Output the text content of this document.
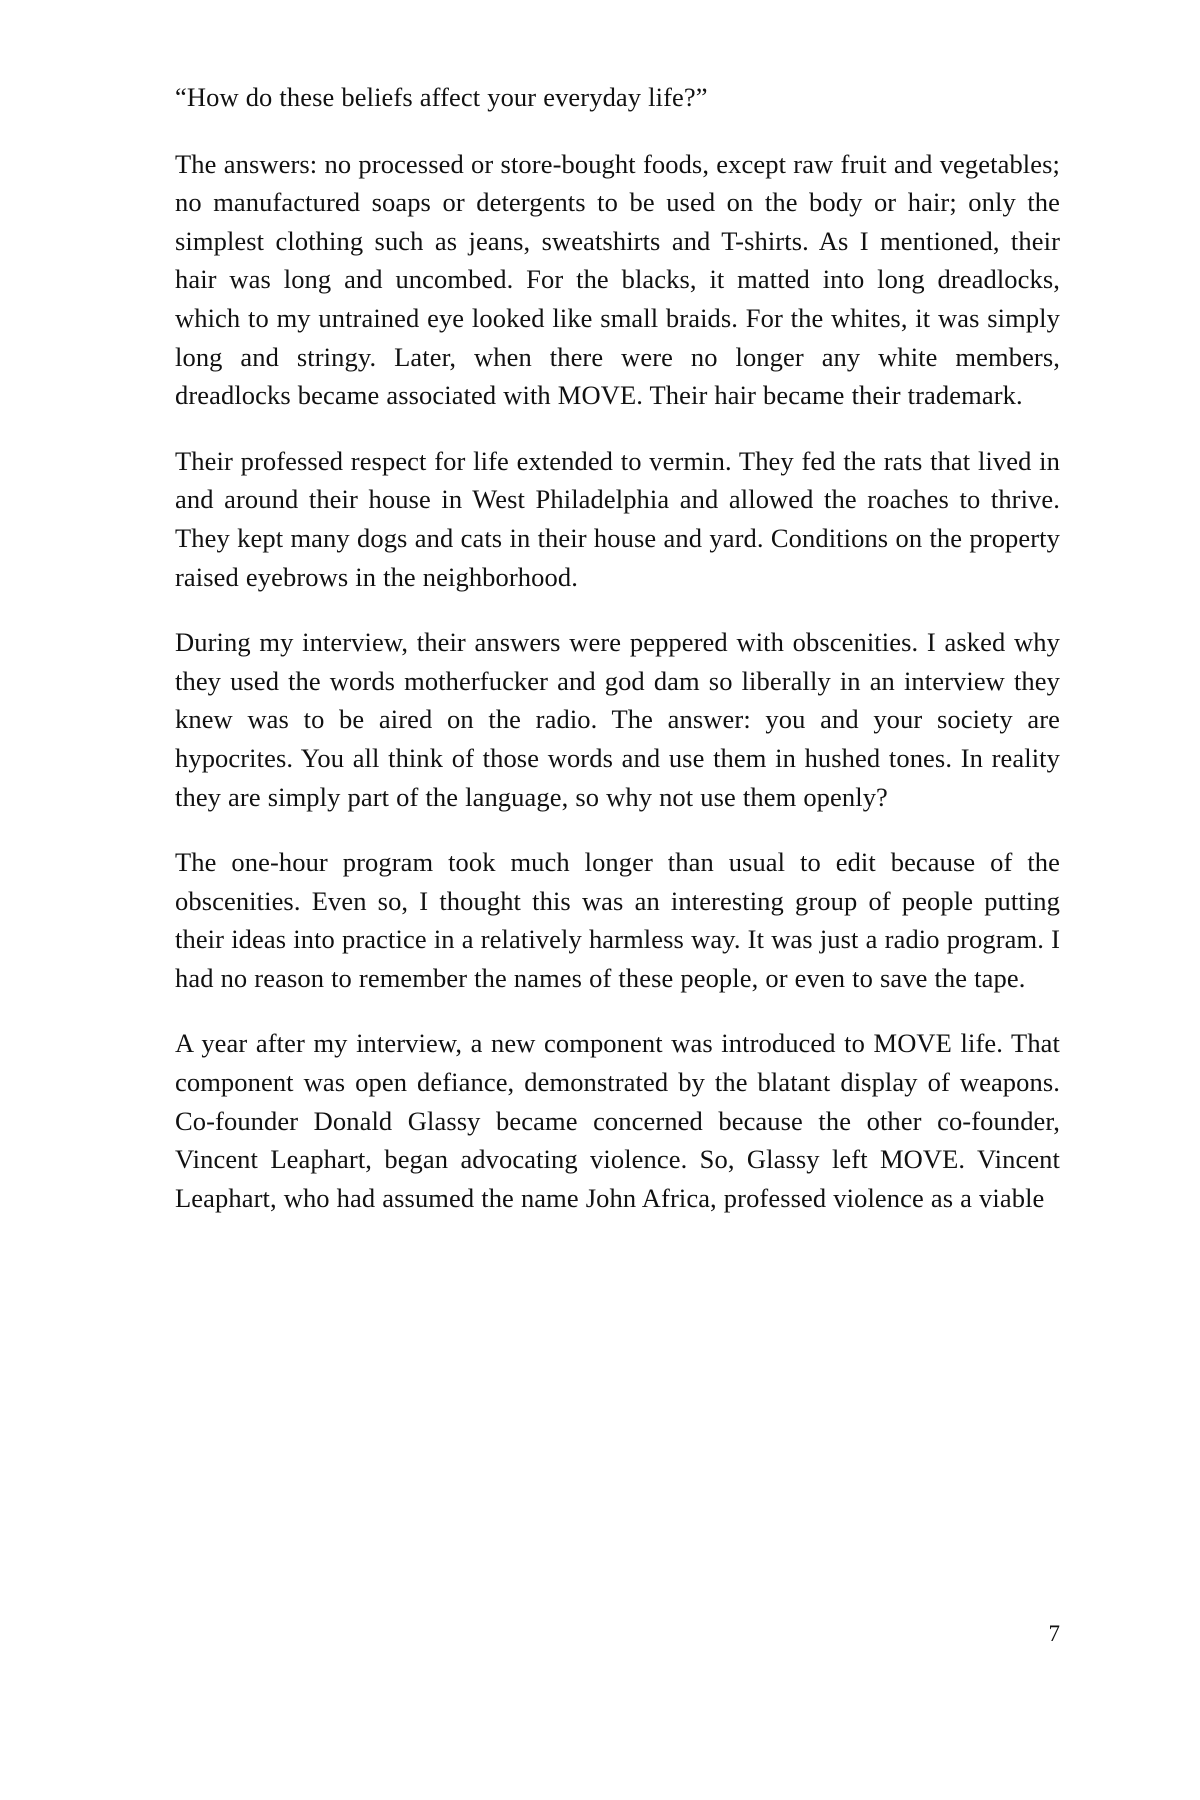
“How do these beliefs affect your everyday life?”

The answers: no processed or store-bought foods, except raw fruit and vegetables; no manufactured soaps or detergents to be used on the body or hair; only the simplest clothing such as jeans, sweatshirts and T-shirts. As I mentioned, their hair was long and uncombed. For the blacks, it matted into long dreadlocks, which to my untrained eye looked like small braids. For the whites, it was simply long and stringy. Later, when there were no longer any white members, dreadlocks became associated with MOVE. Their hair became their trademark.

Their professed respect for life extended to vermin. They fed the rats that lived in and around their house in West Philadelphia and allowed the roaches to thrive. They kept many dogs and cats in their house and yard. Conditions on the property raised eyebrows in the neighborhood.

During my interview, their answers were peppered with obscenities. I asked why they used the words motherfucker and god dam so liberally in an interview they knew was to be aired on the radio. The answer: you and your society are hypocrites. You all think of those words and use them in hushed tones. In reality they are simply part of the language, so why not use them openly?

The one-hour program took much longer than usual to edit because of the obscenities. Even so, I thought this was an interesting group of people putting their ideas into practice in a relatively harmless way. It was just a radio program. I had no reason to remember the names of these people, or even to save the tape.

A year after my interview, a new component was introduced to MOVE life. That component was open defiance, demonstrated by the blatant display of weapons. Co-founder Donald Glassy became concerned because the other co-founder, Vincent Leaphart, began advocating violence. So, Glassy left MOVE. Vincent Leaphart, who had assumed the name John Africa, professed violence as a viable

7
